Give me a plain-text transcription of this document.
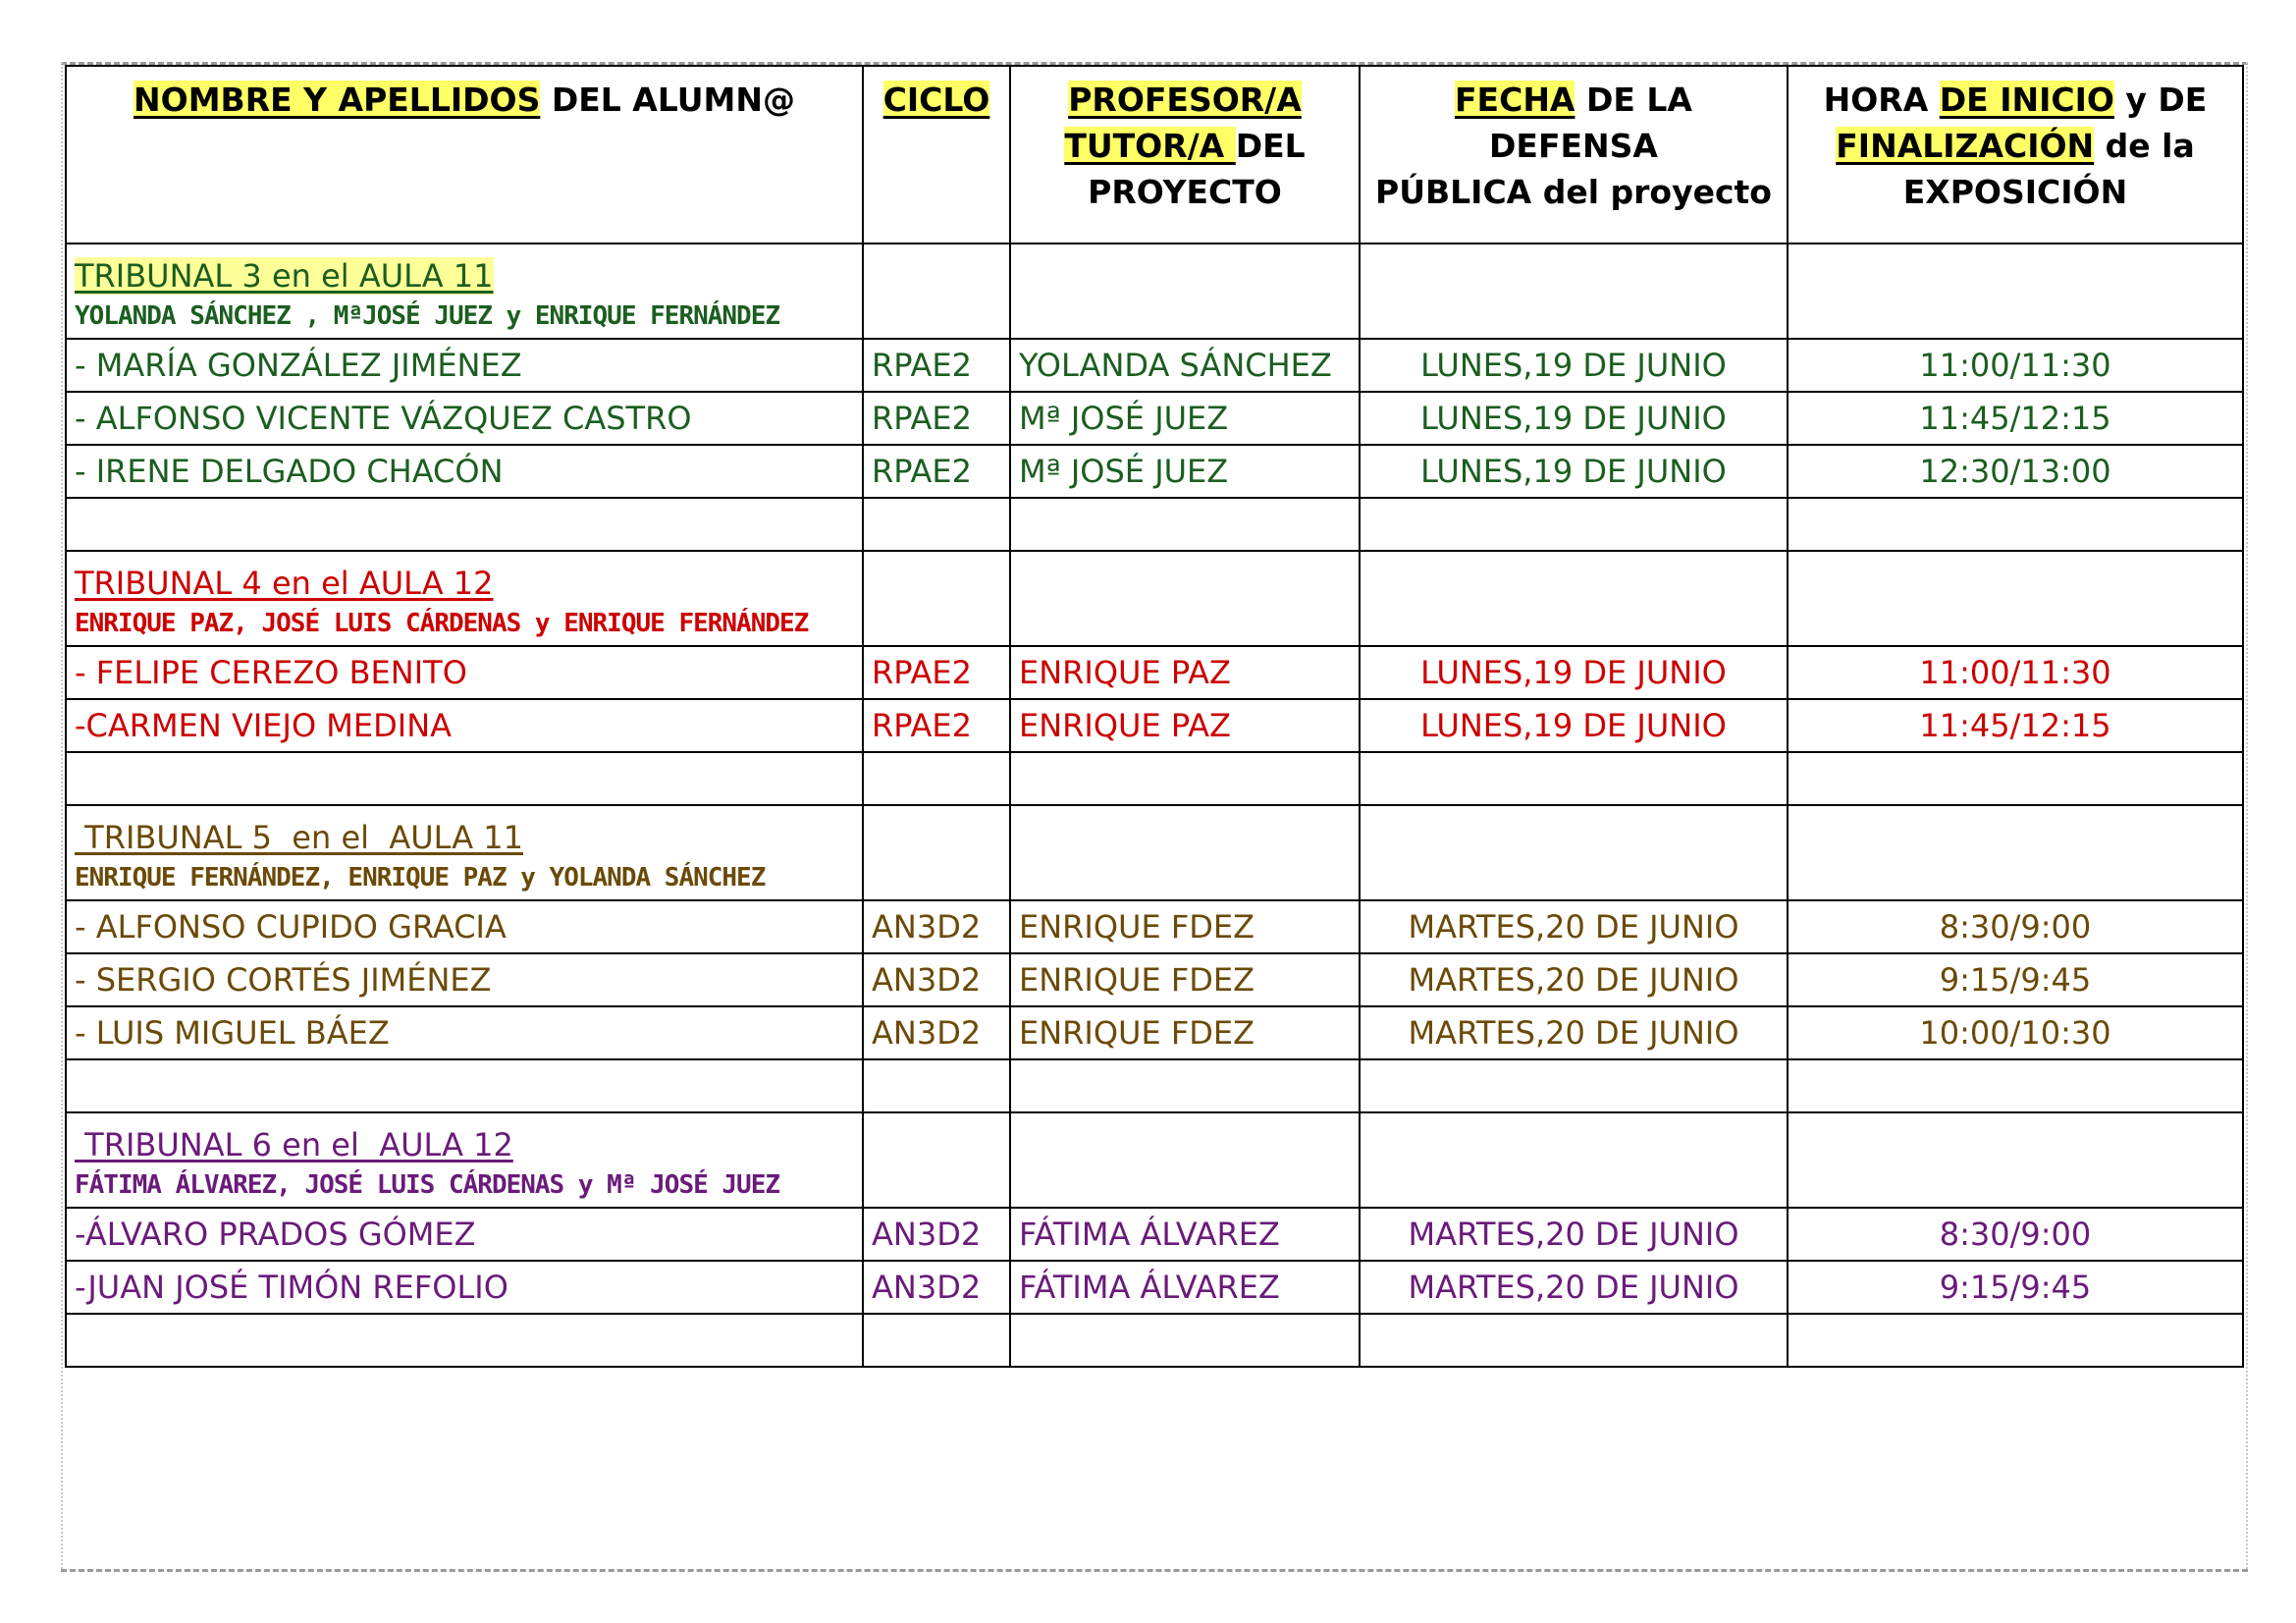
NOMBRE Y APELLIDOS DEL ALUMN@	CICLO	PROFESOR/A
TUTOR/A DEL
PROYECTO	FECHA DE LA
DEFENSA
PÚBLICA del proyecto	HORA DE INICIO y DE
FINALIZACIÓN de la
EXPOSICIÓN

TRIBUNAL 3 en el AULA 11
YOLANDA SÁNCHEZ , MªJOSÉ JUEZ y ENRIQUE FERNÁNDEZ				

- MARÍA GONZÁLEZ JIMÉNEZ	RPAE2	YOLANDA SÁNCHEZ	LUNES,19 DE JUNIO	11:00/11:30
- ALFONSO VICENTE VÁZQUEZ CASTRO	RPAE2	Mª JOSÉ JUEZ	LUNES,19 DE JUNIO	11:45/12:15
- IRENE DELGADO CHACÓN	RPAE2	Mª JOSÉ JUEZ	LUNES,19 DE JUNIO	12:30/13:00

TRIBUNAL 4 en el AULA 12
ENRIQUE PAZ, JOSÉ LUIS CÁRDENAS y ENRIQUE FERNÁNDEZ				

- FELIPE CEREZO BENITO	RPAE2	ENRIQUE PAZ	LUNES,19 DE JUNIO	11:00/11:30
-CARMEN VIEJO MEDINA	RPAE2	ENRIQUE PAZ	LUNES,19 DE JUNIO	11:45/12:15

TRIBUNAL 5  en el  AULA 11
ENRIQUE FERNÁNDEZ, ENRIQUE PAZ y YOLANDA SÁNCHEZ				

- ALFONSO CUPIDO GRACIA	AN3D2	ENRIQUE FDEZ	MARTES,20 DE JUNIO	8:30/9:00
- SERGIO CORTÉS JIMÉNEZ	AN3D2	ENRIQUE FDEZ	MARTES,20 DE JUNIO	9:15/9:45
- LUIS MIGUEL BÁEZ	AN3D2	ENRIQUE FDEZ	MARTES,20 DE JUNIO	10:00/10:30

TRIBUNAL 6 en el  AULA 12
FÁTIMA ÁLVAREZ, JOSÉ LUIS CÁRDENAS y Mª JOSÉ JUEZ				

-ÁLVARO PRADOS GÓMEZ	AN3D2	FÁTIMA ÁLVAREZ	MARTES,20 DE JUNIO	8:30/9:00
-JUAN JOSÉ TIMÓN REFOLIO	AN3D2	FÁTIMA ÁLVAREZ	MARTES,20 DE JUNIO	9:15/9:45
